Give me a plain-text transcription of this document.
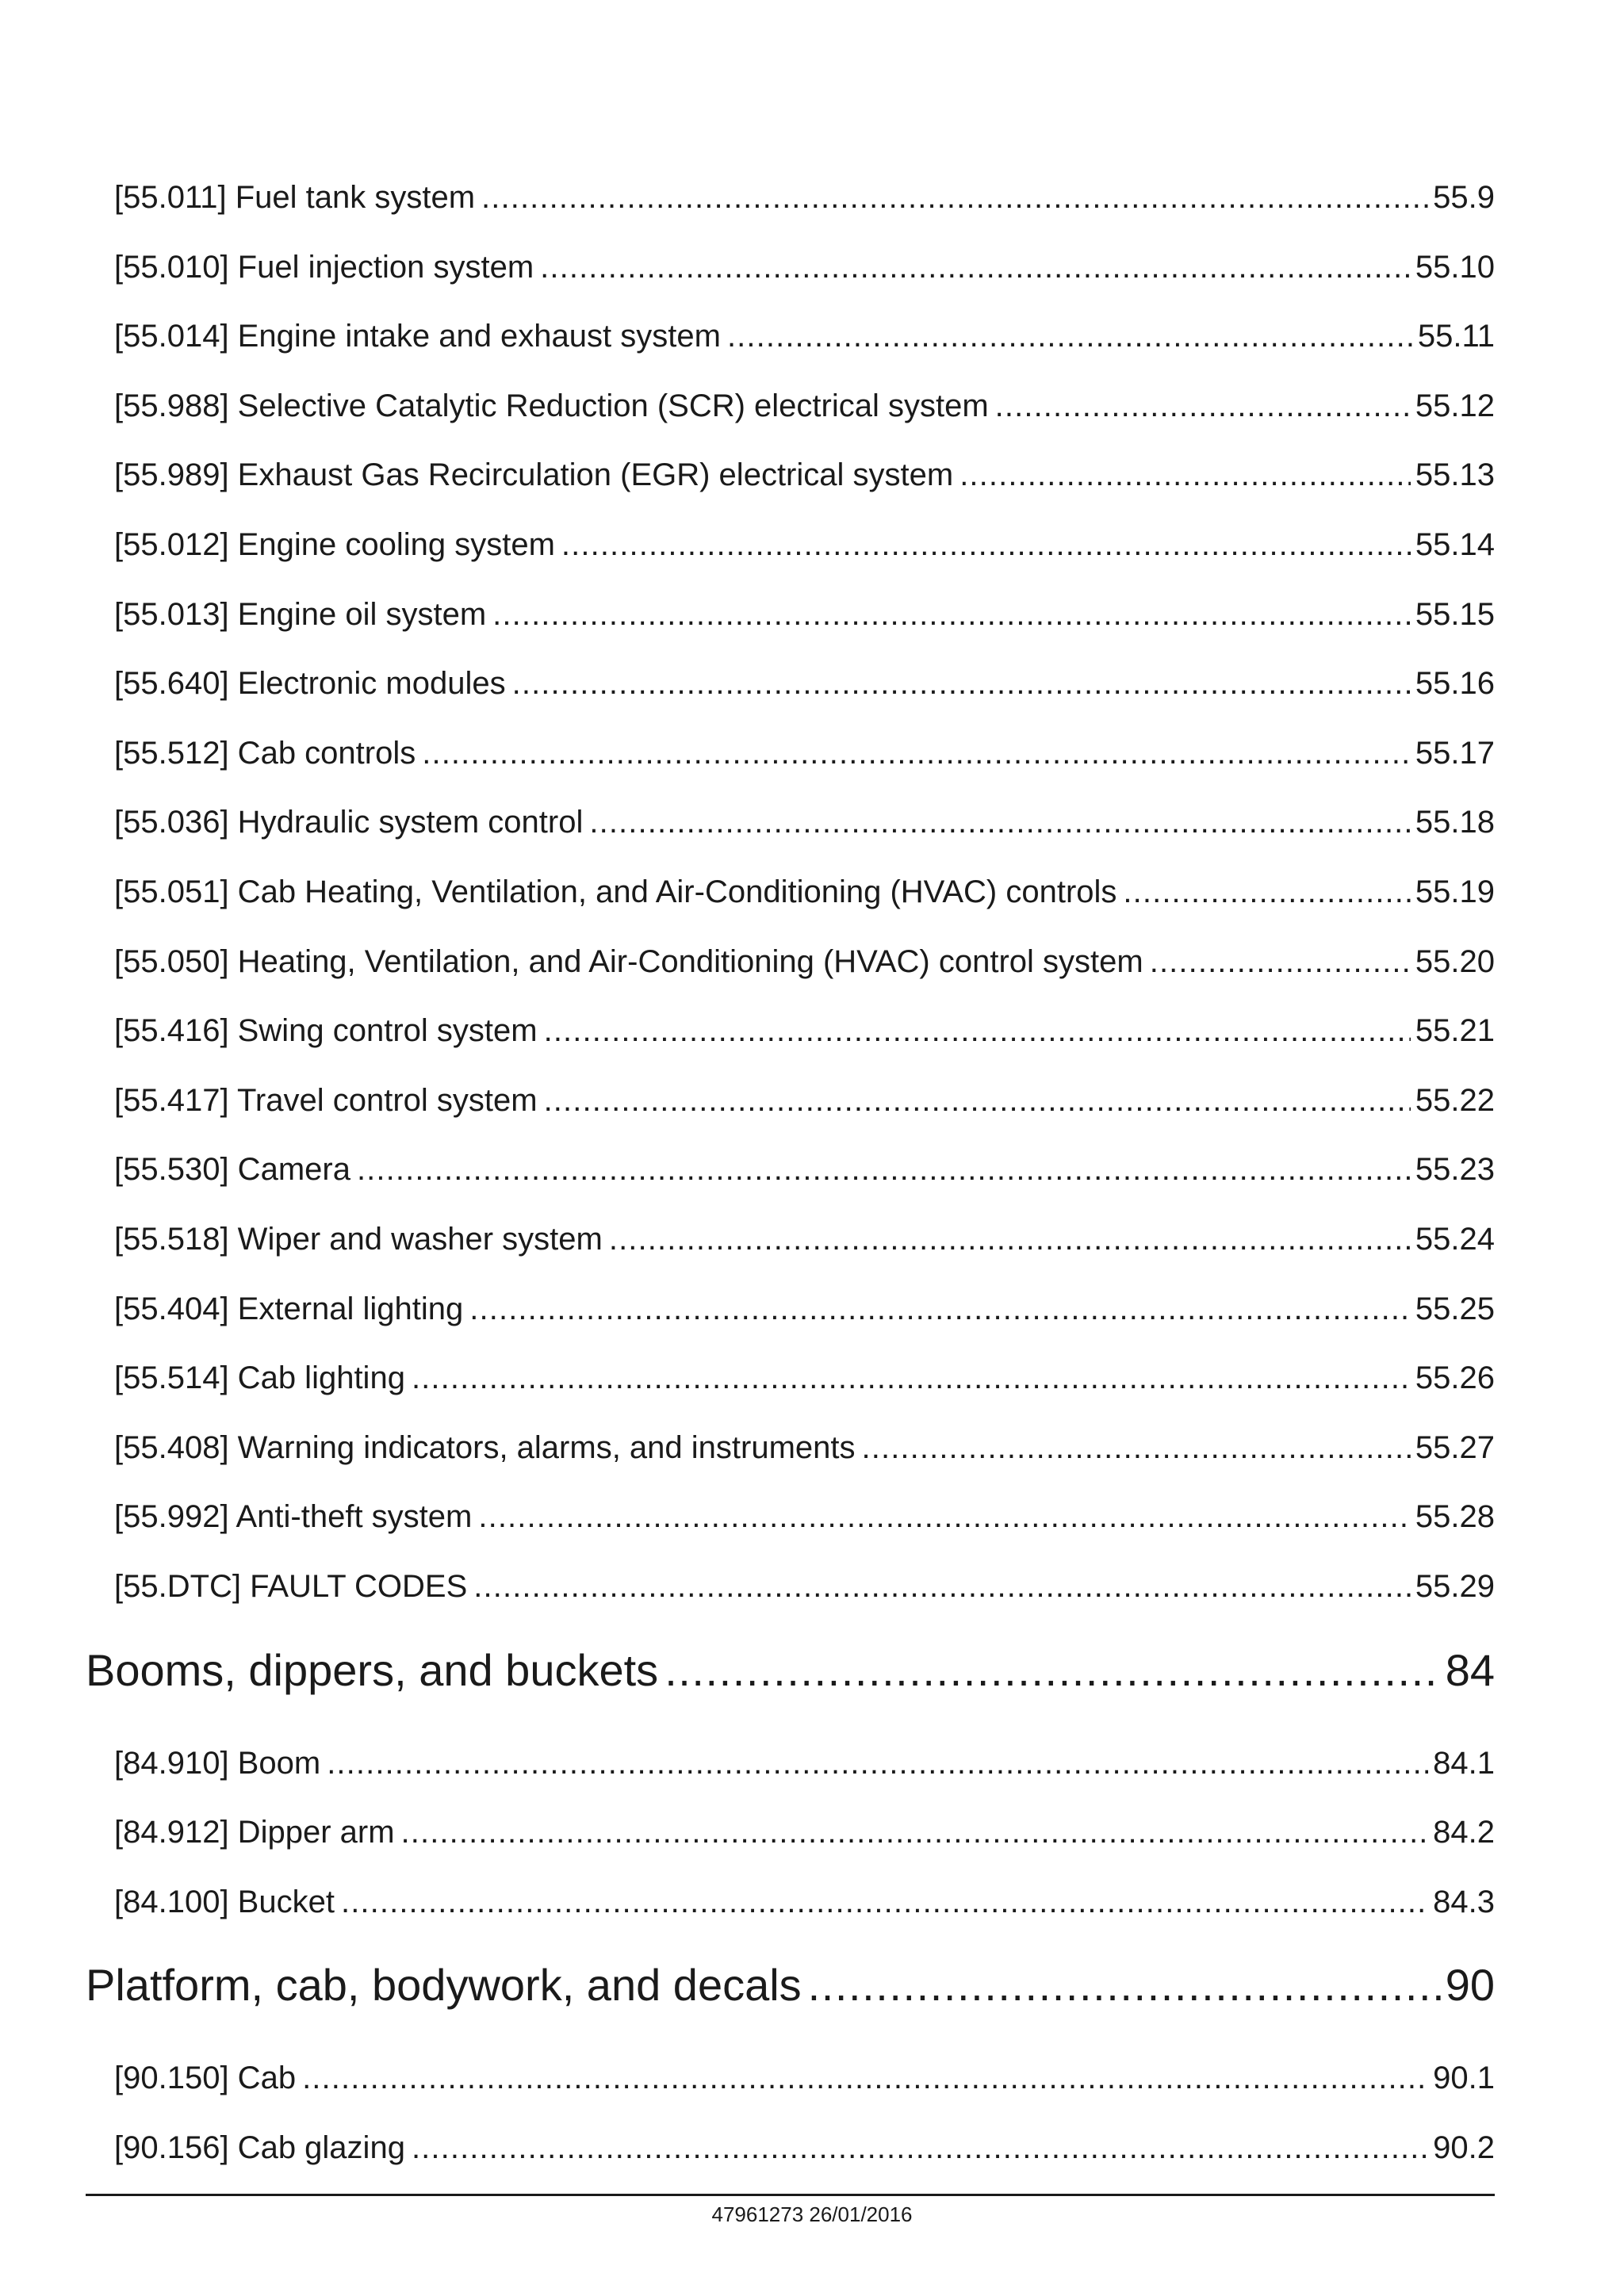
[55.011] Fuel tank system . . .	55.9
[55.010] Fuel injection system . . .	55.10
[55.014] Engine intake and exhaust system . . .	55.11
[55.988] Selective Catalytic Reduction (SCR) electrical system . . .	55.12
[55.989] Exhaust Gas Recirculation (EGR) electrical system . . .	55.13
[55.012] Engine cooling system . . .	55.14
[55.013] Engine oil system . . .	55.15
[55.640] Electronic modules . . .	55.16
[55.512] Cab controls . . .	55.17
[55.036] Hydraulic system control . . .	55.18
[55.051] Cab Heating, Ventilation, and Air-Conditioning (HVAC) controls . . .	55.19
[55.050] Heating, Ventilation, and Air-Conditioning (HVAC) control system . . .	55.20
[55.416] Swing control system . . .	55.21
[55.417] Travel control system . . .	55.22
[55.530] Camera . . .	55.23
[55.518] Wiper and washer system . . .	55.24
[55.404] External lighting . . .	55.25
[55.514] Cab lighting . . .	55.26
[55.408] Warning indicators, alarms, and instruments . . .	55.27
[55.992] Anti-theft system . . .	55.28
[55.DTC] FAULT CODES . . .	55.29
Booms, dippers, and buckets . . .	84
[84.910] Boom . . .	84.1
[84.912] Dipper arm . . .	84.2
[84.100] Bucket . . .	84.3
Platform, cab, bodywork, and decals . . .	90
[90.150] Cab . . .	90.1
[90.156] Cab glazing . . .	90.2
47961273 26/01/2016
